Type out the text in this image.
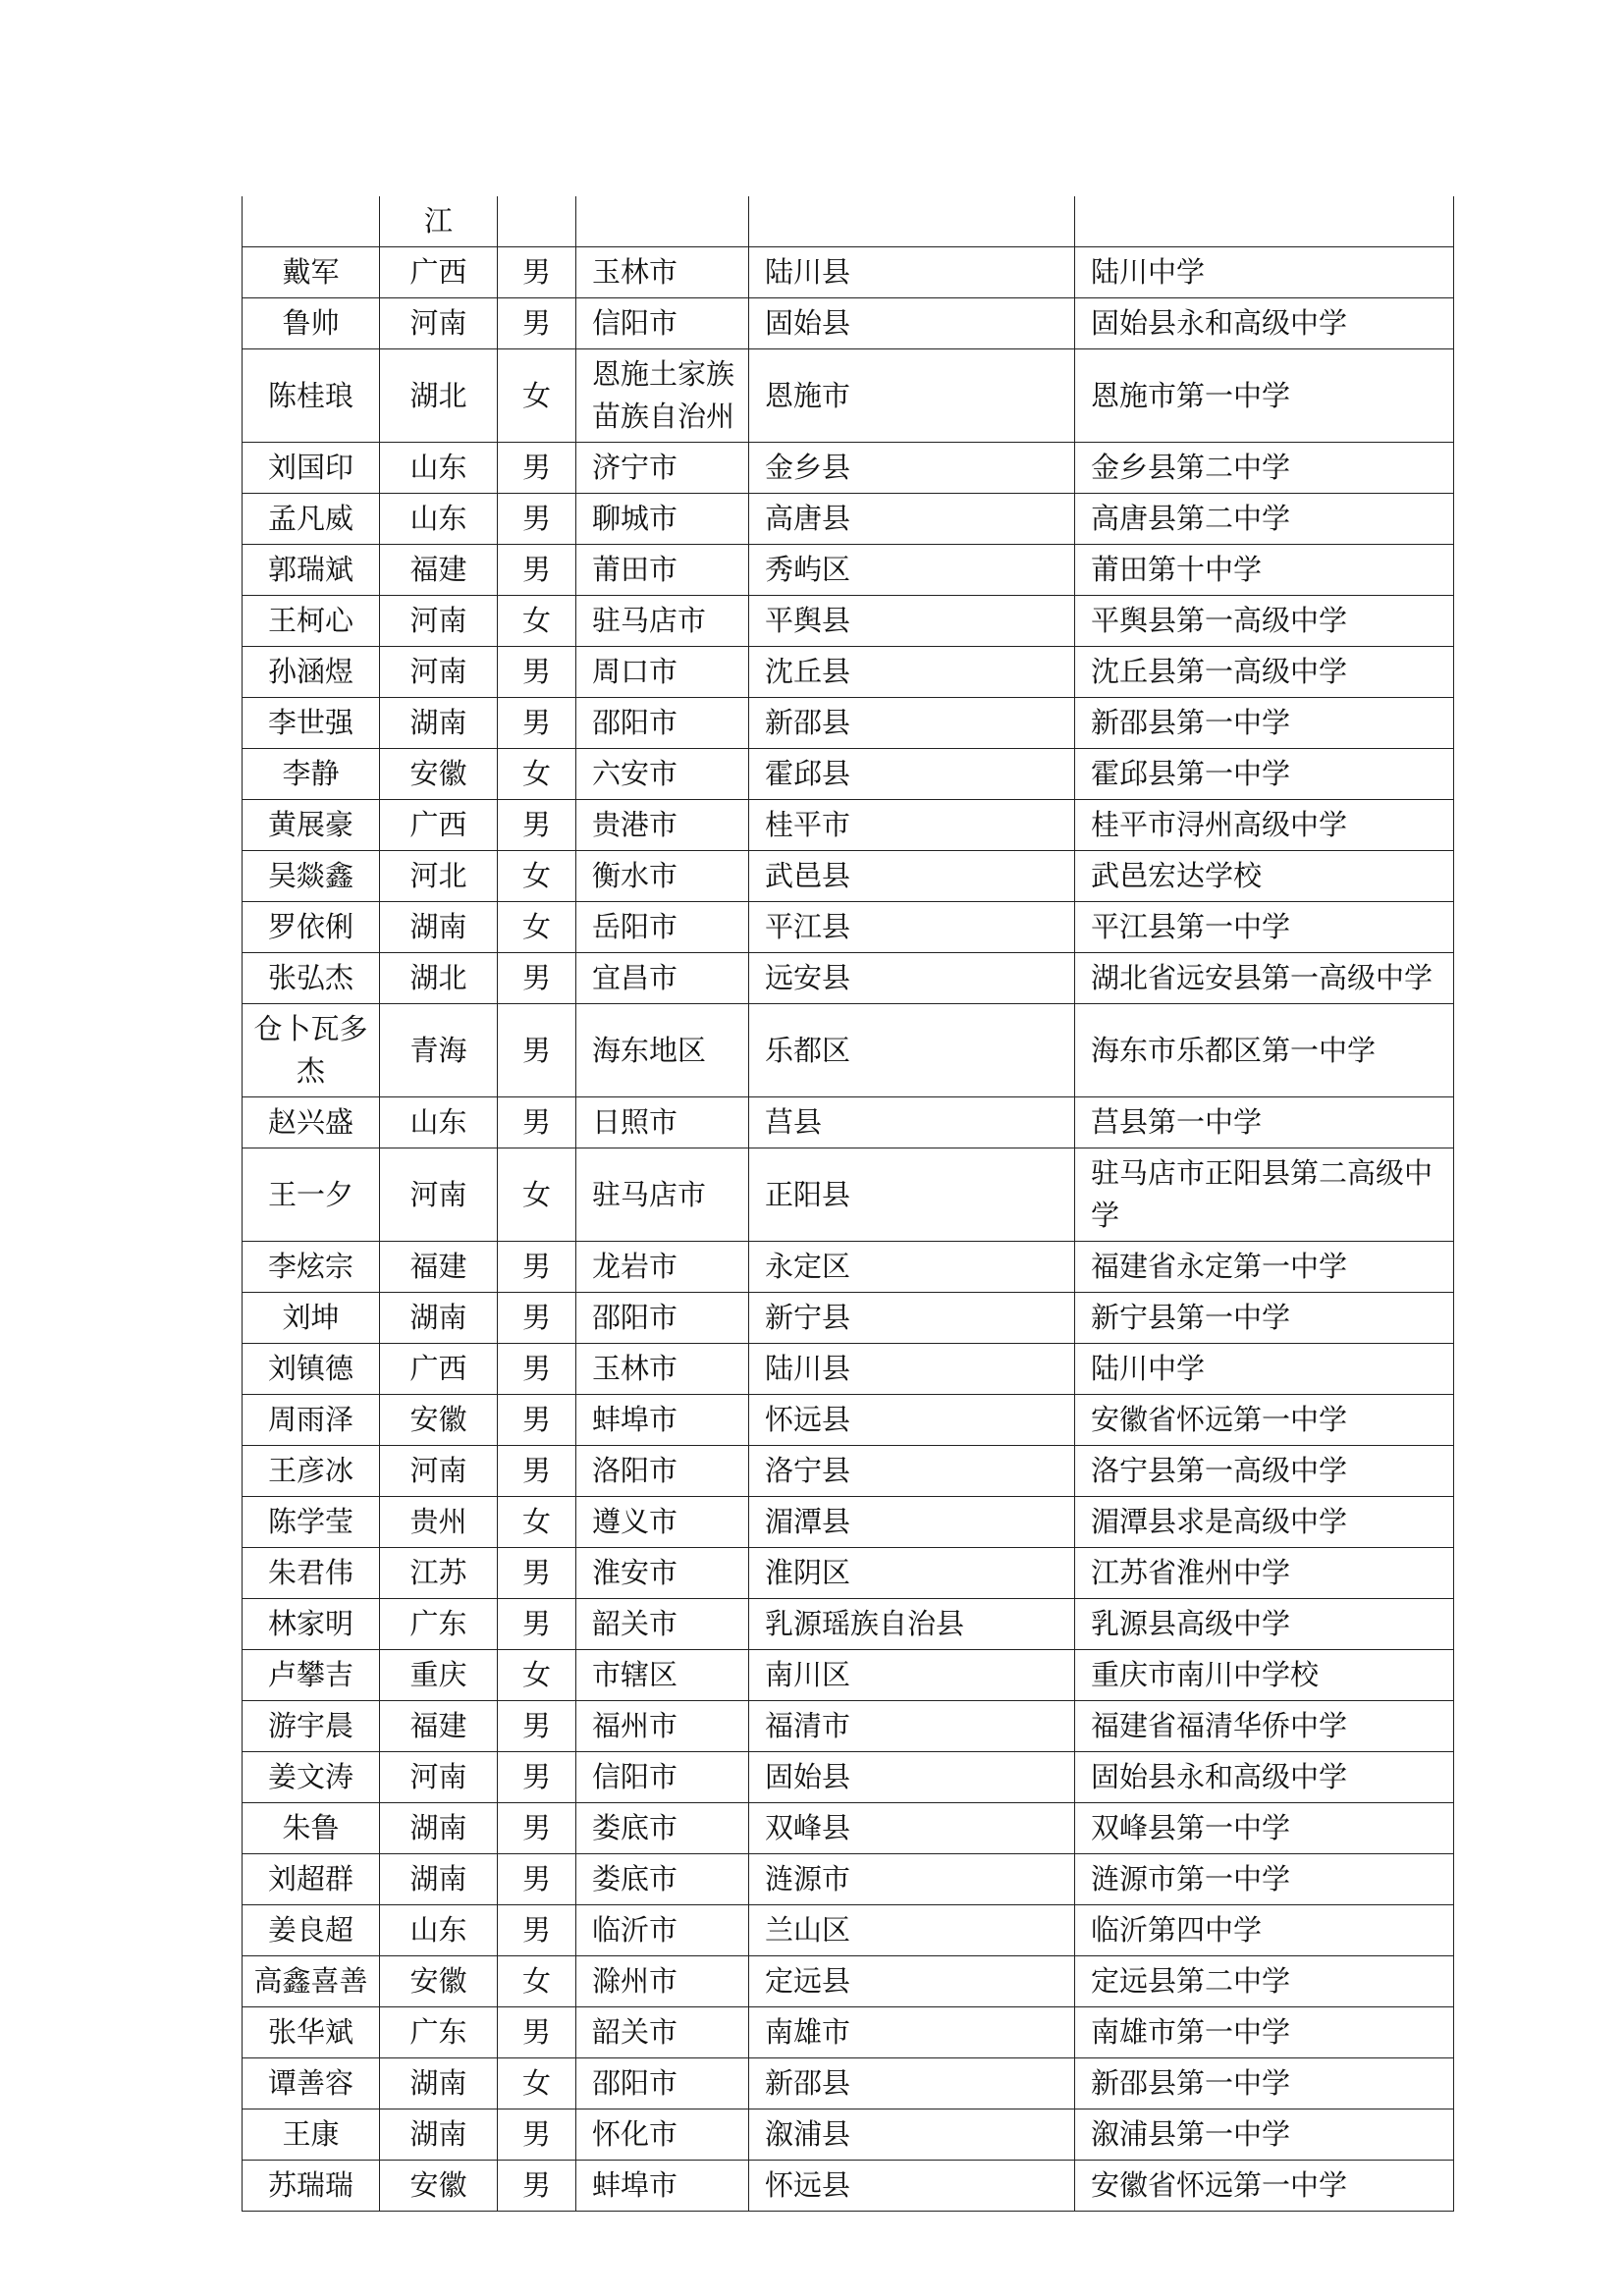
	江				
戴军	广西	男	玉林市	陆川县	陆川中学
鲁帅	河南	男	信阳市	固始县	固始县永和高级中学
陈桂琅	湖北	女	恩施土家族苗族自治州	恩施市	恩施市第一中学
刘国印	山东	男	济宁市	金乡县	金乡县第二中学
孟凡威	山东	男	聊城市	高唐县	高唐县第二中学
郭瑞斌	福建	男	莆田市	秀屿区	莆田第十中学
王柯心	河南	女	驻马店市	平舆县	平舆县第一高级中学
孙涵煜	河南	男	周口市	沈丘县	沈丘县第一高级中学
李世强	湖南	男	邵阳市	新邵县	新邵县第一中学
李静	安徽	女	六安市	霍邱县	霍邱县第一中学
黄展豪	广西	男	贵港市	桂平市	桂平市浔州高级中学
吴燚鑫	河北	女	衡水市	武邑县	武邑宏达学校
罗依俐	湖南	女	岳阳市	平江县	平江县第一中学
张弘杰	湖北	男	宜昌市	远安县	湖北省远安县第一高级中学
仓卜瓦多杰	青海	男	海东地区	乐都区	海东市乐都区第一中学
赵兴盛	山东	男	日照市	莒县	莒县第一中学
王一夕	河南	女	驻马店市	正阳县	驻马店市正阳县第二高级中学
李炫宗	福建	男	龙岩市	永定区	福建省永定第一中学
刘坤	湖南	男	邵阳市	新宁县	新宁县第一中学
刘镇德	广西	男	玉林市	陆川县	陆川中学
周雨泽	安徽	男	蚌埠市	怀远县	安徽省怀远第一中学
王彦冰	河南	男	洛阳市	洛宁县	洛宁县第一高级中学
陈学莹	贵州	女	遵义市	湄潭县	湄潭县求是高级中学
朱君伟	江苏	男	淮安市	淮阴区	江苏省淮州中学
林家明	广东	男	韶关市	乳源瑶族自治县	乳源县高级中学
卢攀吉	重庆	女	市辖区	南川区	重庆市南川中学校
游宇晨	福建	男	福州市	福清市	福建省福清华侨中学
姜文涛	河南	男	信阳市	固始县	固始县永和高级中学
朱鲁	湖南	男	娄底市	双峰县	双峰县第一中学
刘超群	湖南	男	娄底市	涟源市	涟源市第一中学
姜良超	山东	男	临沂市	兰山区	临沂第四中学
高鑫喜善	安徽	女	滁州市	定远县	定远县第二中学
张华斌	广东	男	韶关市	南雄市	南雄市第一中学
谭善容	湖南	女	邵阳市	新邵县	新邵县第一中学
王康	湖南	男	怀化市	溆浦县	溆浦县第一中学
苏瑞瑞	安徽	男	蚌埠市	怀远县	安徽省怀远第一中学
